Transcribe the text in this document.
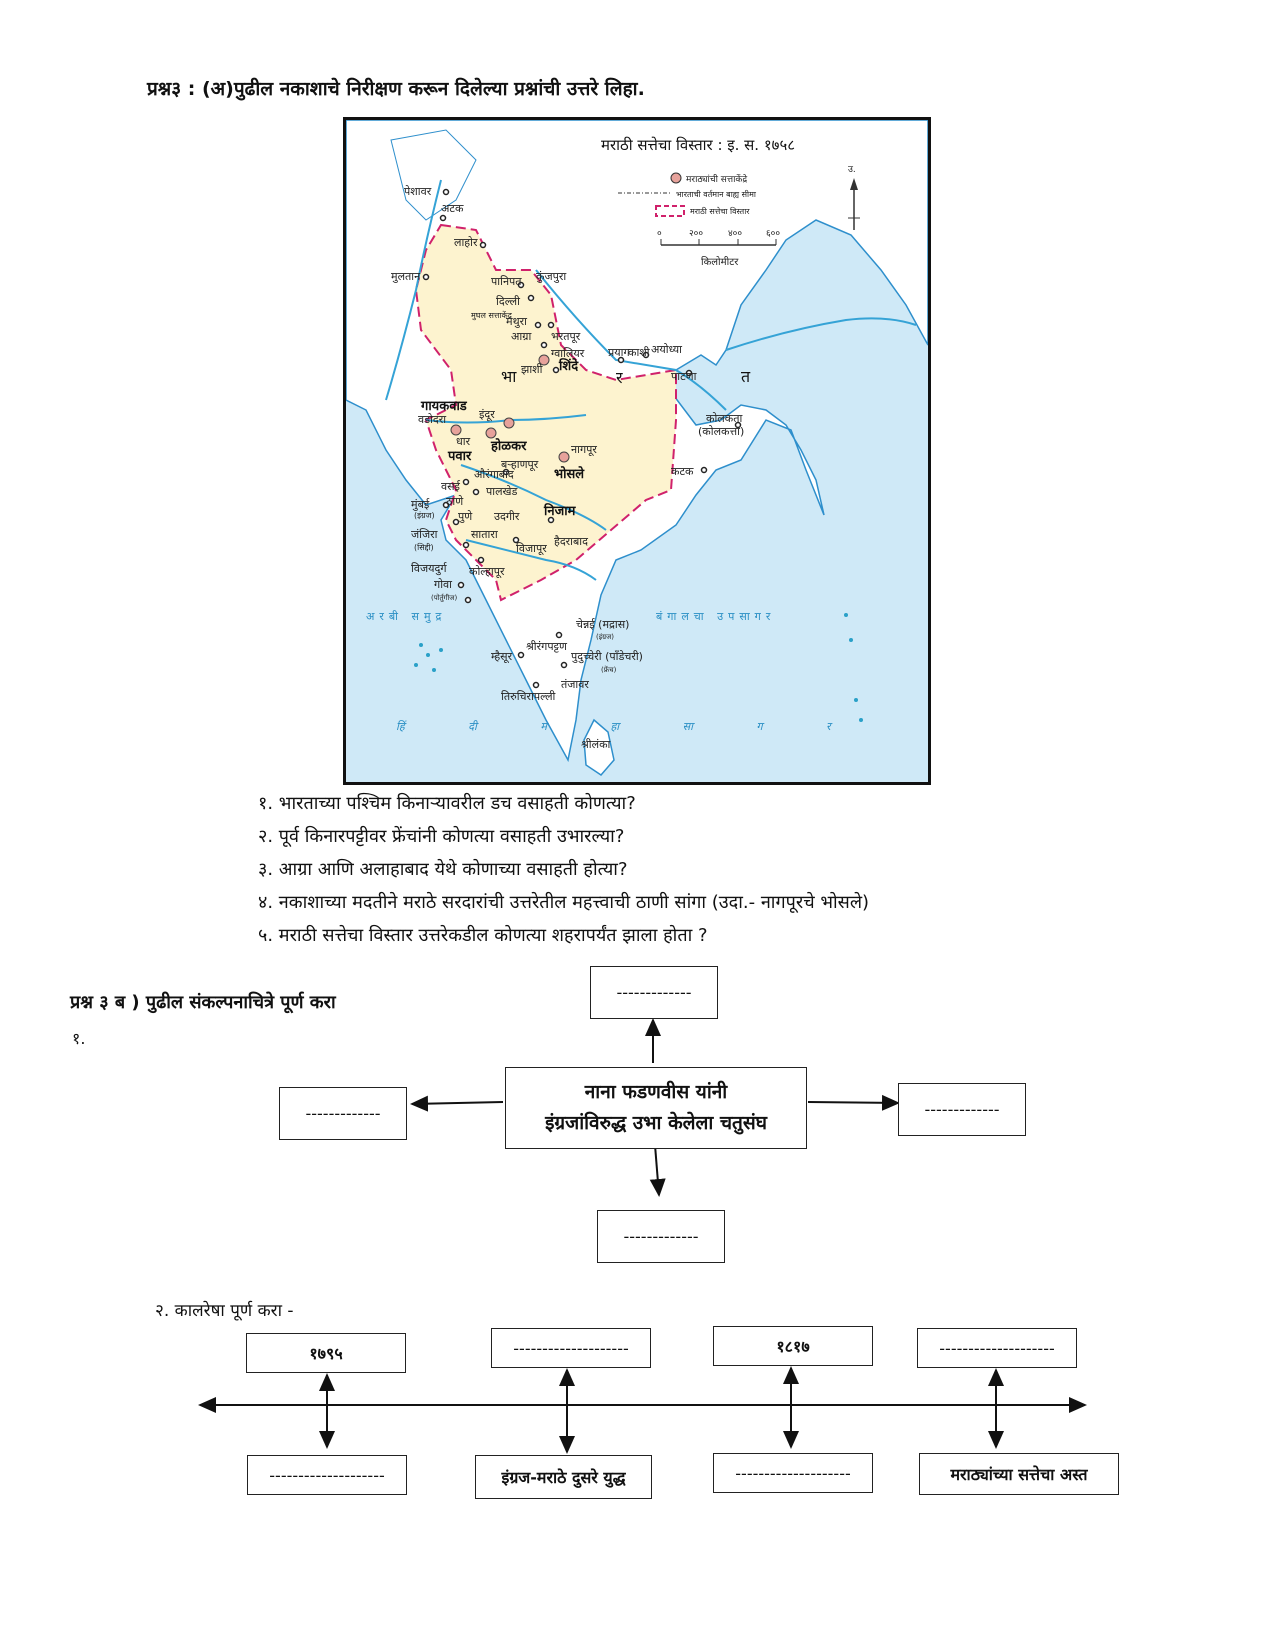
प्रश्न३ : (अ)पुढील नकाशाचे निरीक्षण करून दिलेल्या प्रश्नांची उत्तरे लिहा.
मराठी सत्तेचा विस्तार : इ. स. १७५८
मराठ्यांची सत्ताकेंद्रे
भारताची वर्तमान बाह्य सीमा
मराठी सत्तेचा विस्तार
०	२००	४००	६००
किलोमीटर
उ.
पेशावर
अटक
लाहोर
मुलतान	पानिपत कुंजपुरा
दिल्ली
मुघल सत्ताकेंद्र
मथुरा
आग्रा भरतपूर
ग्वालियर
झाशी शिंदे
प्रयाग
काशी अयोध्या
पाटणा
गायकवाड
वडोदरा	इंदूर
होळकर
धार
पवार
बऱ्हाणपूर
नागपूर
भोसले
कोलकता
(कोलकत्ता)
कटक
औरंगाबाद
पालखेड
वसई
ठाणे
मुंबई
(इंग्रज) पुणे उदगीर निजाम
जंजिरा
(सिद्दी)
सातारा
विजापूर
हैदराबाद
विजयदुर्ग कोल्हापूर
गोवा
(पोर्तुगीज)
चेन्नई (मद्रास)
(इंग्रज)
श्रीरंगपट्टण
म्हैसूर	पुदुच्चेरी (पाँडेचरी)
(फ्रेंच)
तंजावर
तिरुचिरापल्ली
श्रीलंका
भा	र	त
अरबी समुद्र	बंगालचा उपसागर
हिं दी म हा सा ग र
१. भारताच्या पश्चिम किनाऱ्यावरील डच वसाहती कोणत्या?
२. पूर्व किनारपट्टीवर फ्रेंचांनी कोणत्या वसाहती उभारल्या?
३. आग्रा आणि अलाहाबाद येथे कोणाच्या वसाहती होत्या?
४. नकाशाच्या मदतीने मराठे सरदारांची उत्तरेतील महत्त्वाची ठाणी सांगा (उदा.- नागपूरचे भोसले)
५. मराठी सत्तेचा विस्तार उत्तरेकडील कोणत्या शहरापर्यंत झाला होता ?
प्रश्न ३ ब ) पुढील संकल्पनाचित्रे पूर्ण करा
१.
-------------
-------------	-------------
-------------
नाना फडणवीस यांनी
इंग्रजांविरुद्ध उभा केलेला चतुसंघ
२. कालरेषा पूर्ण करा -
१७९५	--------------------	१८१७	--------------------
--------------------	इंग्रज-मराठे दुसरे युद्ध	--------------------	मराठ्यांच्या सत्तेचा अस्त
